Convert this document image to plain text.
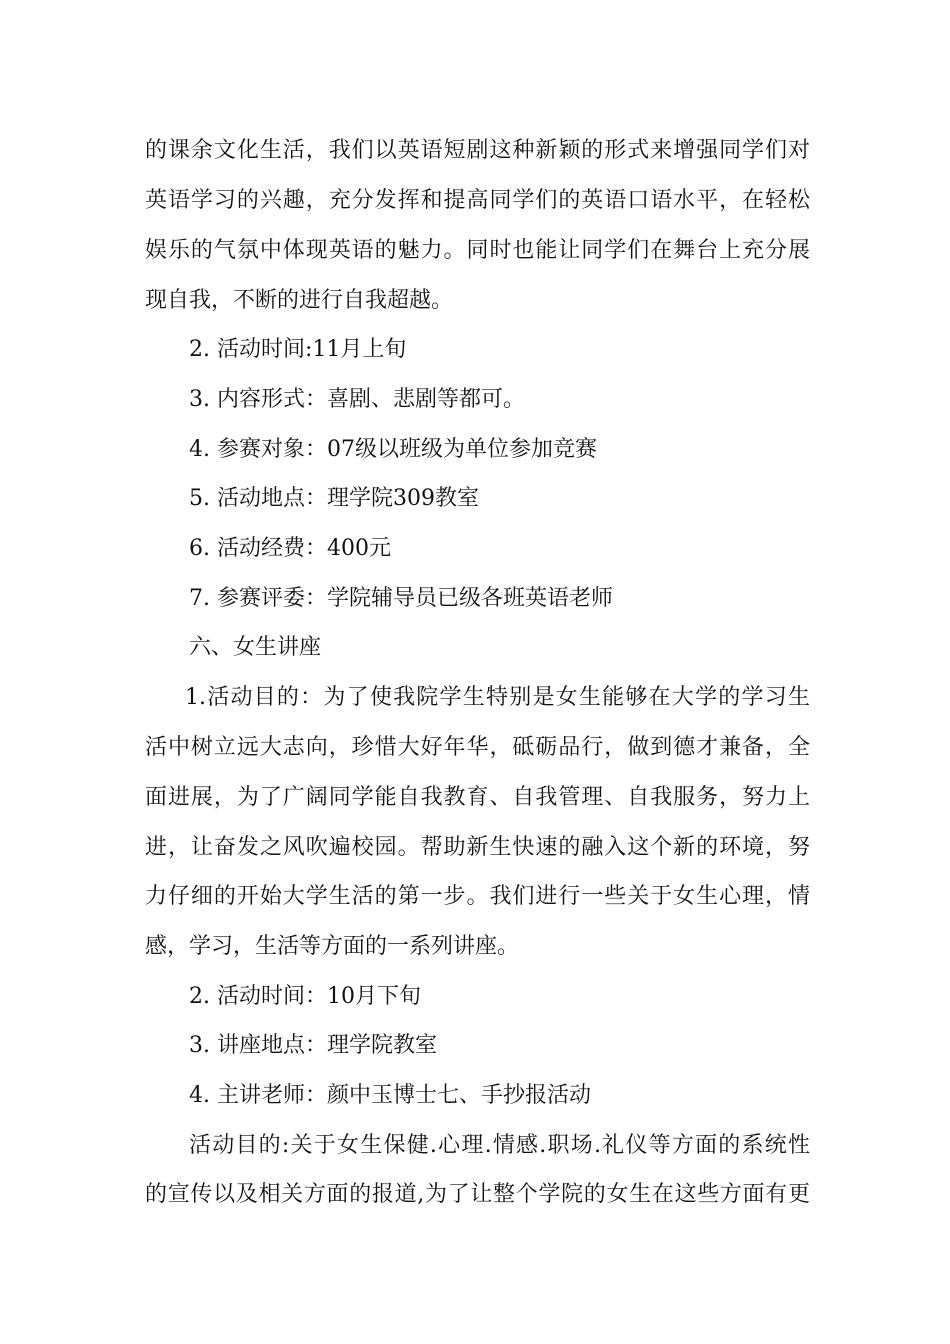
的课余文化生活，我们以英语短剧这种新颖的形式来增强同学们对
英语学习的兴趣，充分发挥和提高同学们的英语口语水平，在轻松
娱乐的气氛中体现英语的魅力。同时也能让同学们在舞台上充分展
现自我，不断的进行自我超越。
2. 活动时间:11月上旬
3. 内容形式：喜剧、悲剧等都可。
4. 参赛对象：07级以班级为单位参加竞赛
5. 活动地点：理学院309教室
6. 活动经费：400元
7. 参赛评委：学院辅导员已级各班英语老师
六、女生讲座
1.活动目的：为了使我院学生特别是女生能够在大学的学习生
活中树立远大志向，珍惜大好年华，砥砺品行，做到德才兼备，全
面进展，为了广阔同学能自我教育、自我管理、自我服务，努力上
进，让奋发之风吹遍校园。帮助新生快速的融入这个新的环境，努
力仔细的开始大学生活的第一步。我们进行一些关于女生心理，情
感，学习，生活等方面的一系列讲座。
2. 活动时间：10月下旬
3. 讲座地点：理学院教室
4. 主讲老师：颜中玉博士七、手抄报活动
活动目的:关于女生保健.心理.情感.职场.礼仪等方面的系统性
的宣传以及相关方面的报道,为了让整个学院的女生在这些方面有更
